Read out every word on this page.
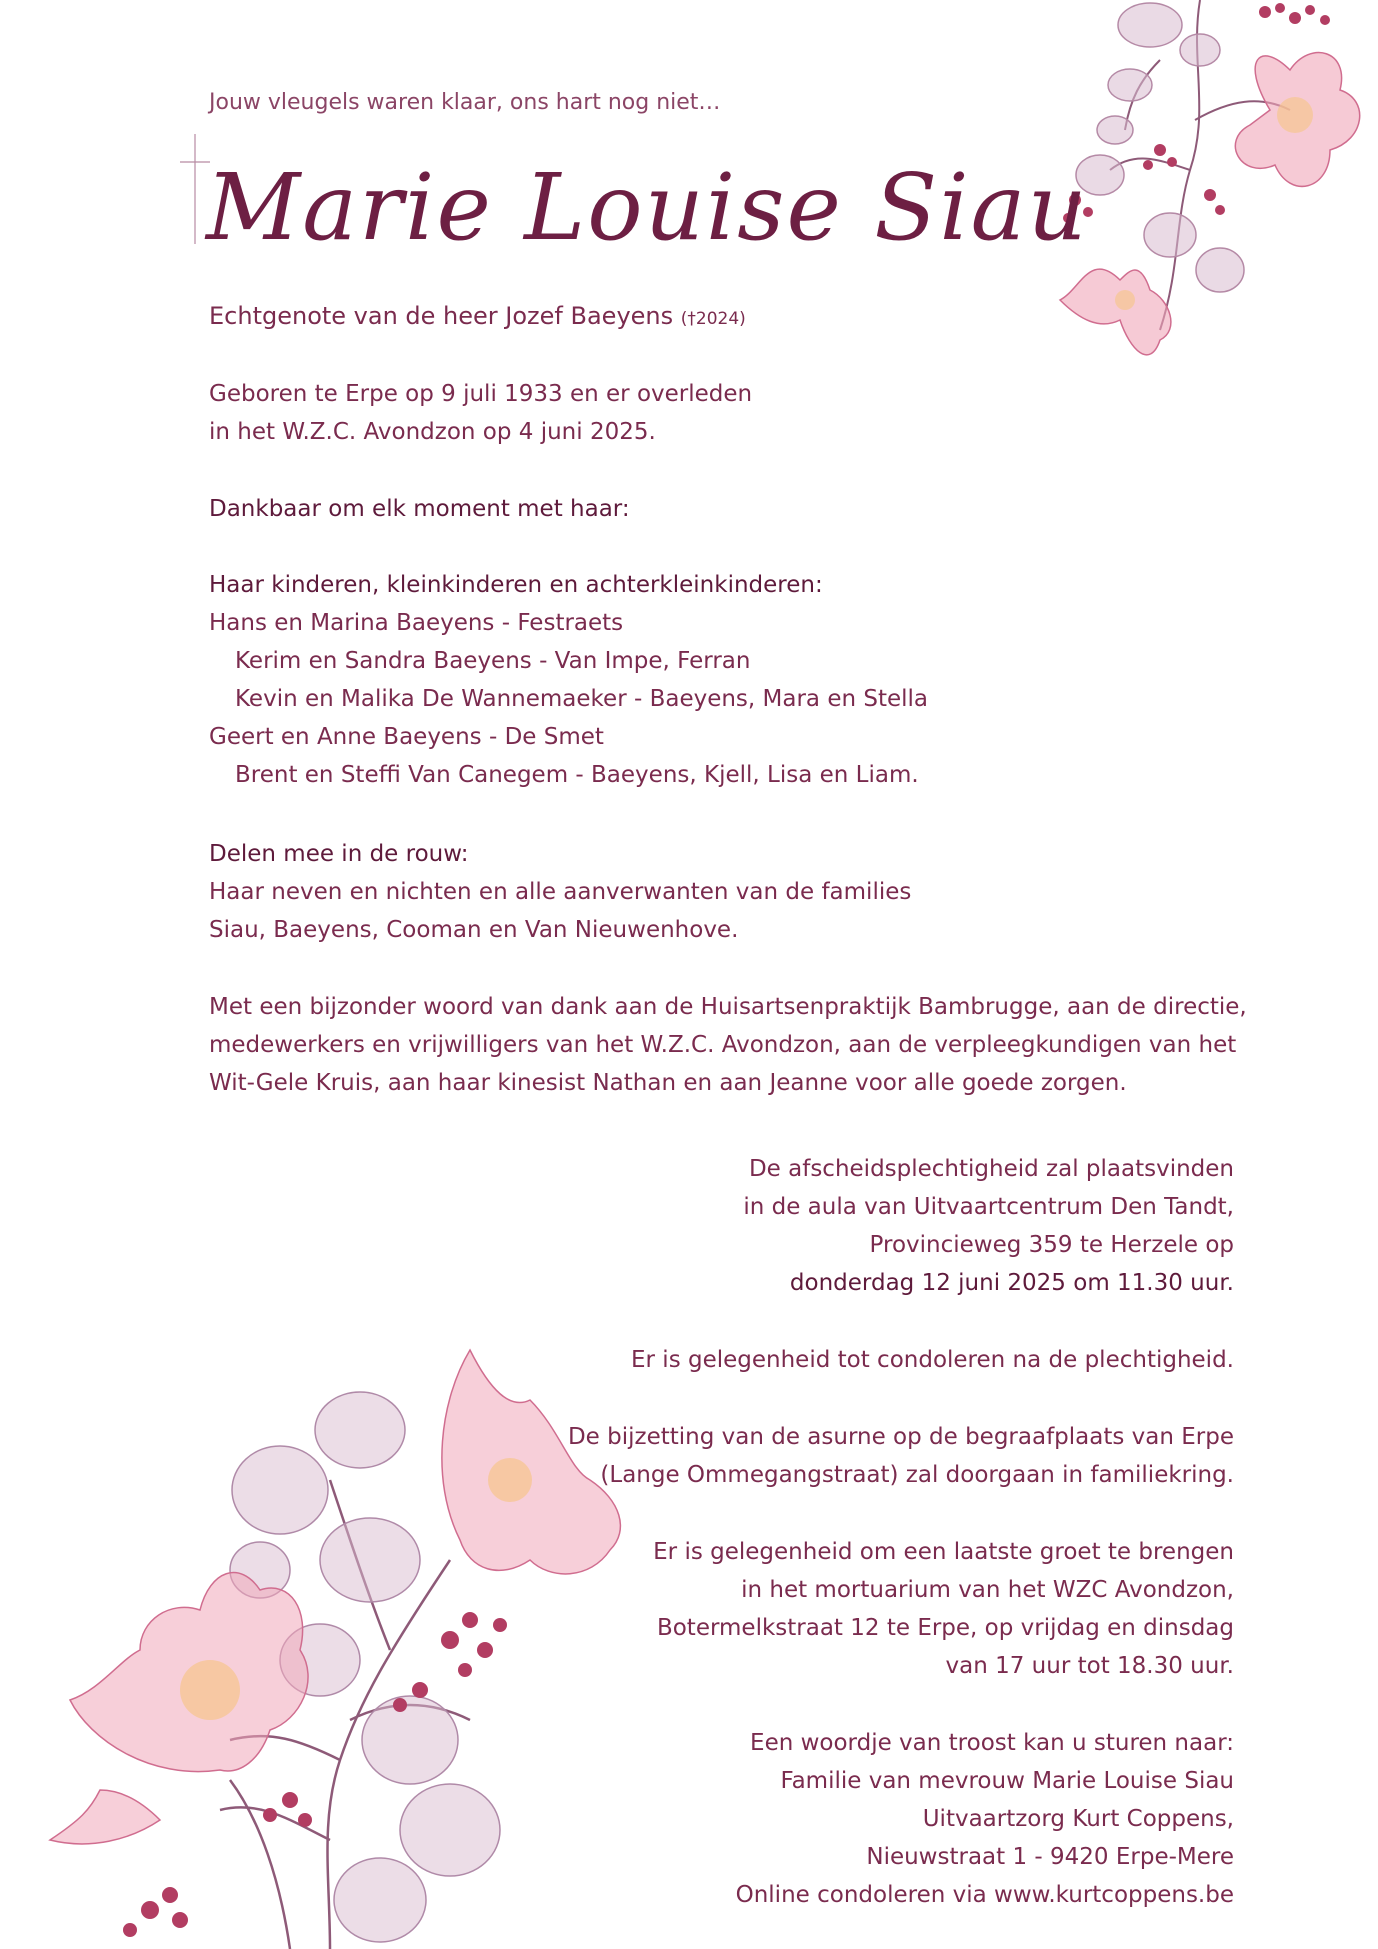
Jouw vleugels waren klaar, ons hart nog niet…
Marie Louise Siau
Echtgenote van de heer Jozef Baeyens (†2024)
Geboren te Erpe op 9 juli 1933 en er overleden
in het W.Z.C. Avondzon op 4 juni 2025.
Dankbaar om elk moment met haar:
Haar kinderen, kleinkinderen en achterkleinkinderen:
Hans en Marina Baeyens - Festraets
Kerim en Sandra Baeyens - Van Impe, Ferran
Kevin en Malika De Wannemaeker - Baeyens, Mara en Stella
Geert en Anne Baeyens - De Smet
Brent en Steffi Van Canegem - Baeyens, Kjell, Lisa en Liam.
Delen mee in de rouw:
Haar neven en nichten en alle aanverwanten van de families
Siau, Baeyens, Cooman en Van Nieuwenhove.
Met een bijzonder woord van dank aan de Huisartsenpraktijk Bambrugge, aan de directie,
medewerkers en vrijwilligers van het W.Z.C. Avondzon, aan de verpleegkundigen van het
Wit-Gele Kruis, aan haar kinesist Nathan en aan Jeanne voor alle goede zorgen.
De afscheidsplechtigheid zal plaatsvinden
in de aula van Uitvaartcentrum Den Tandt,
Provincieweg 359 te Herzele op
donderdag 12 juni 2025 om 11.30 uur.
Er is gelegenheid tot condoleren na de plechtigheid.
De bijzetting van de asurne op de begraafplaats van Erpe
(Lange Ommegangstraat) zal doorgaan in familiekring.
Er is gelegenheid om een laatste groet te brengen
in het mortuarium van het WZC Avondzon,
Botermelkstraat 12 te Erpe, op vrijdag en dinsdag
van 17 uur tot 18.30 uur.
Een woordje van troost kan u sturen naar:
Familie van mevrouw Marie Louise Siau
Uitvaartzorg Kurt Coppens,
Nieuwstraat 1 - 9420 Erpe-Mere
Online condoleren via www.kurtcoppens.be
